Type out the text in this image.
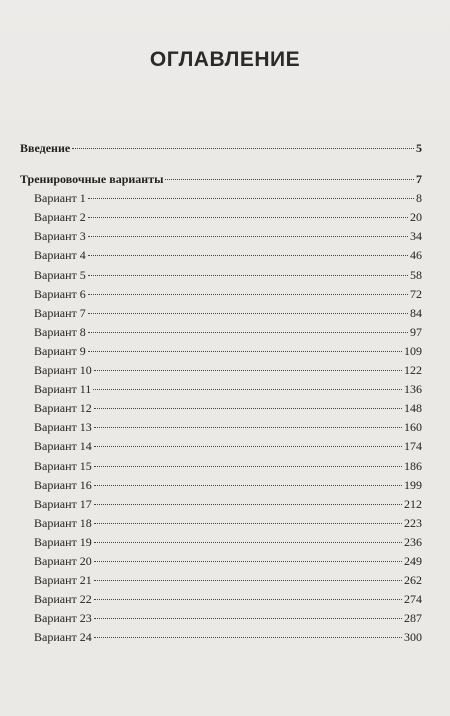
ОГЛАВЛЕНИЕ
Введение	5
Тренировочные варианты	7
Вариант 1	8
Вариант 2	20
Вариант 3	34
Вариант 4	46
Вариант 5	58
Вариант 6	72
Вариант 7	84
Вариант 8	97
Вариант 9	109
Вариант 10	122
Вариант 11	136
Вариант 12	148
Вариант 13	160
Вариант 14	174
Вариант 15	186
Вариант 16	199
Вариант 17	212
Вариант 18	223
Вариант 19	236
Вариант 20	249
Вариант 21	262
Вариант 22	274
Вариант 23	287
Вариант 24	300
